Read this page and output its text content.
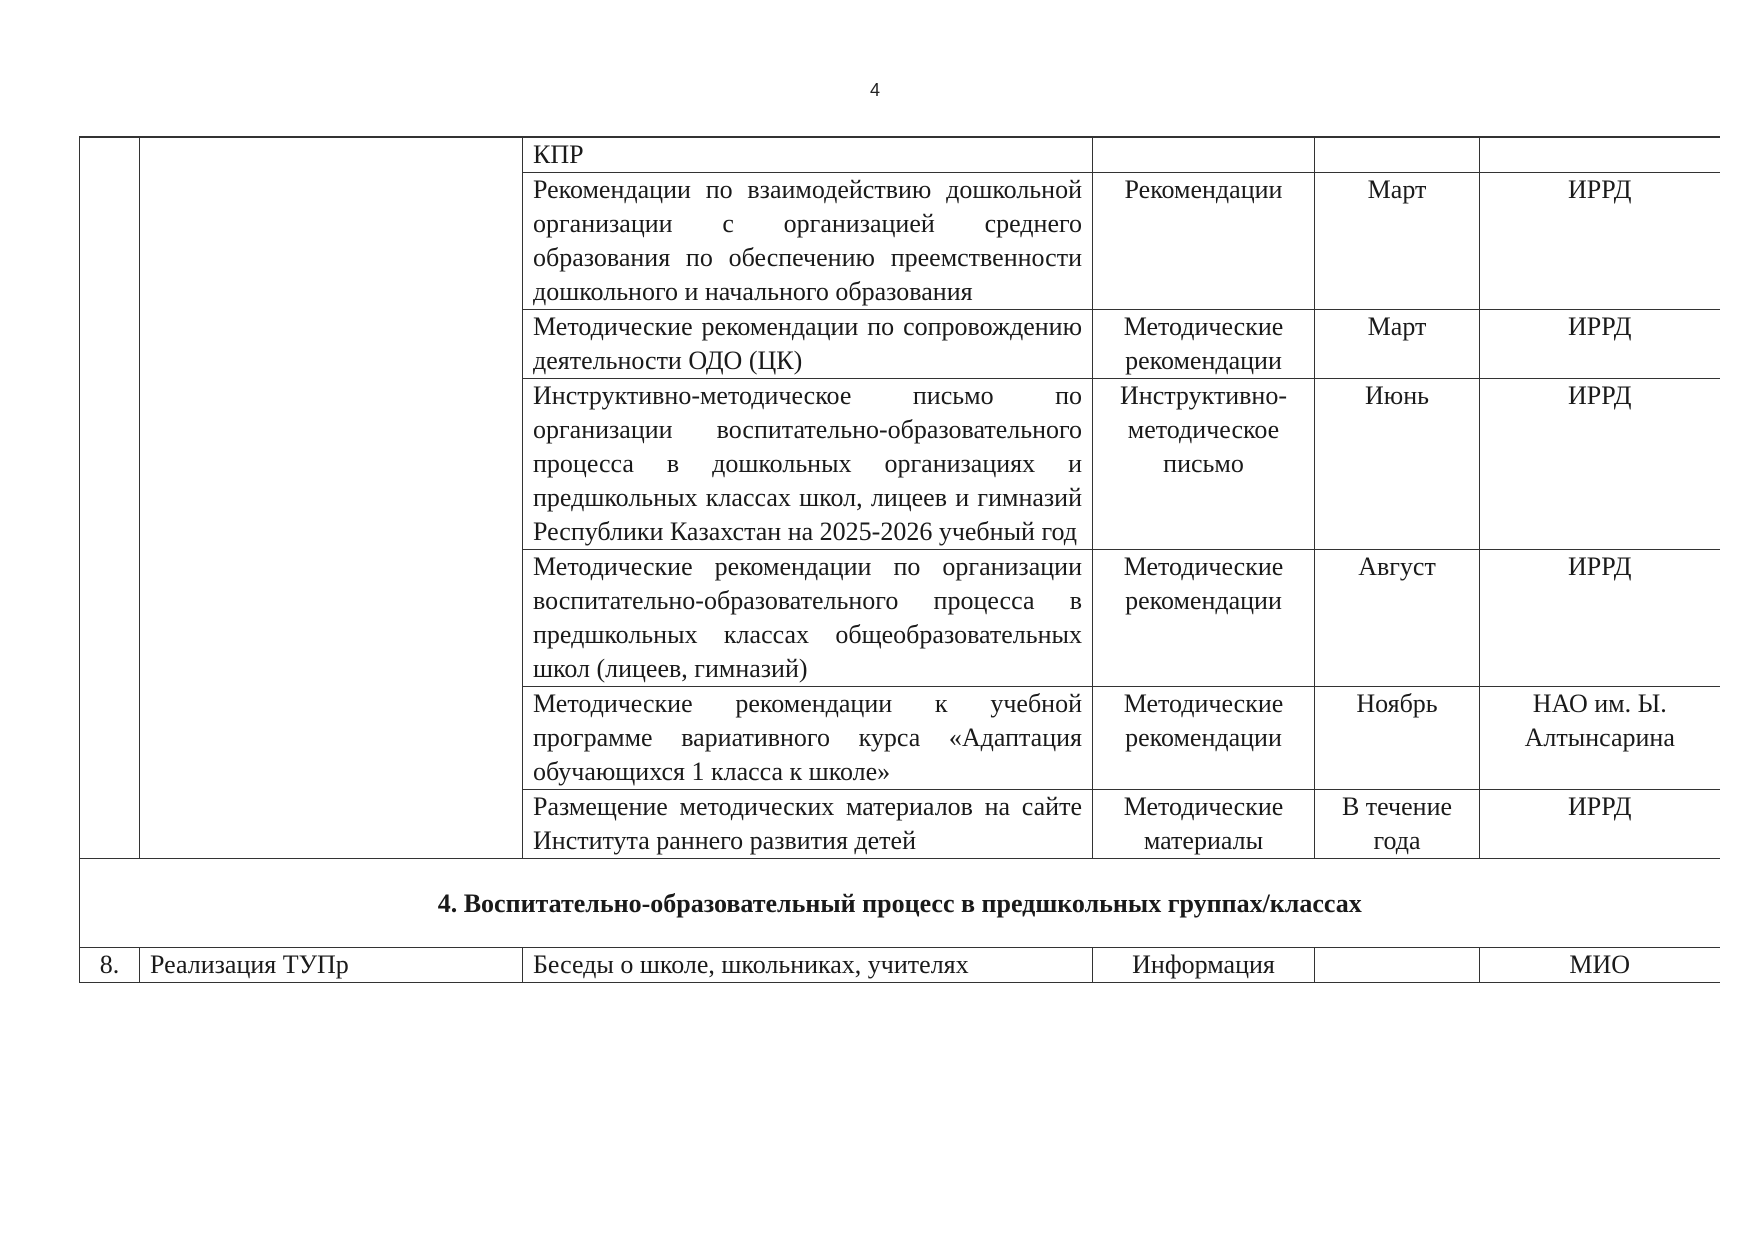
4
		КПР			
		Рекомендации по взаимодействию дошкольной организации с организацией среднего образования по обеспечению преемственности дошкольного и начального образования	Рекомендации	Март	ИРРД
		Методические рекомендации по сопровождению деятельности ОДО (ЦК)	Методические рекомендации	Март	ИРРД
		Инструктивно-методическое письмо по организации воспитательно-образовательного процесса в дошкольных организациях и предшкольных классах школ, лицеев и гимназий Республики Казахстан на 2025-2026 учебный год	Инструктивно-методическое письмо	Июнь	ИРРД
		Методические рекомендации по организации воспитательно-образовательного процесса в предшкольных классах общеобразовательных школ (лицеев, гимназий)	Методические рекомендации	Август	ИРРД
		Методические рекомендации к учебной программе вариативного курса «Адаптация обучающихся 1 класса к школе»	Методические рекомендации	Ноябрь	НАО им. Ы. Алтынсарина
		Размещение методических материалов на сайте Института раннего развития детей	Методические материалы	В течение года	ИРРД
4. Воспитательно-образовательный процесс в предшкольных группах/классах					
8.	Реализация ТУПр	Беседы о школе, школьниках, учителях	Информация		МИО
